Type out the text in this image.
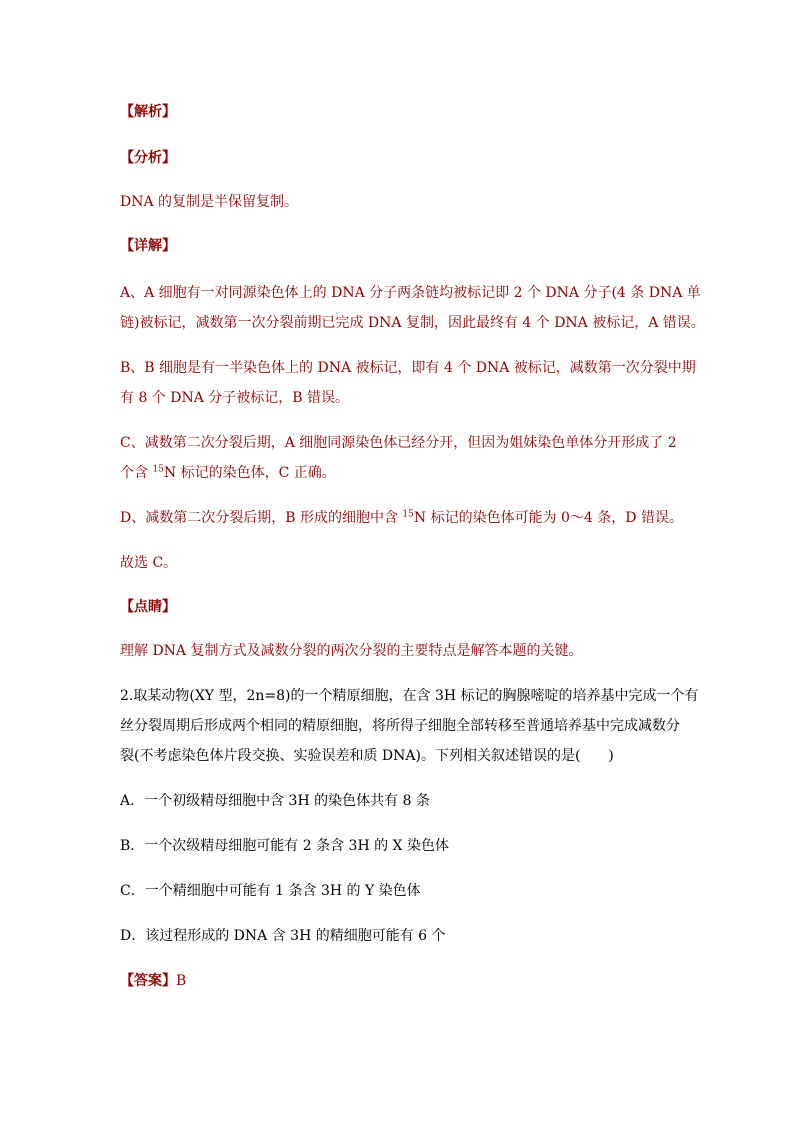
【解析】
【分析】
DNA 的复制是半保留复制。
【详解】
A、A 细胞有一对同源染色体上的 DNA 分子两条链均被标记即 2 个 DNA 分子(4 条 DNA 单
链)被标记，减数第一次分裂前期已完成 DNA 复制，因此最终有 4 个 DNA 被标记，A 错误。
B、B 细胞是有一半染色体上的 DNA 被标记，即有 4 个 DNA 被标记，减数第一次分裂中期
有 8 个 DNA 分子被标记，B 错误。
C、减数第二次分裂后期，A 细胞同源染色体已经分开，但因为姐妹染色单体分开形成了 2
个含 $^{15}$N 标记的染色体，C 正确。
D、减数第二次分裂后期，B 形成的细胞中含 $^{15}$N 标记的染色体可能为 0～4 条，D 错误。
故选 C。
【点睛】
理解 DNA 复制方式及减数分裂的两次分裂的主要特点是解答本题的关键。
2.取某动物(XY 型，2n=8)的一个精原细胞，在含 3H 标记的胸腺嘧啶的培养基中完成一个有
丝分裂周期后形成两个相同的精原细胞，将所得子细胞全部转移至普通培养基中完成减数分
裂(不考虑染色体片段交换、实验误差和质 DNA)。下列相关叙述错误的是(　　)
A．一个初级精母细胞中含 3H 的染色体共有 8 条
B．一个次级精母细胞可能有 2 条含 3H 的 X 染色体
C．一个精细胞中可能有 1 条含 3H 的 Y 染色体
D．该过程形成的 DNA 含 3H 的精细胞可能有 6 个
【答案】B
